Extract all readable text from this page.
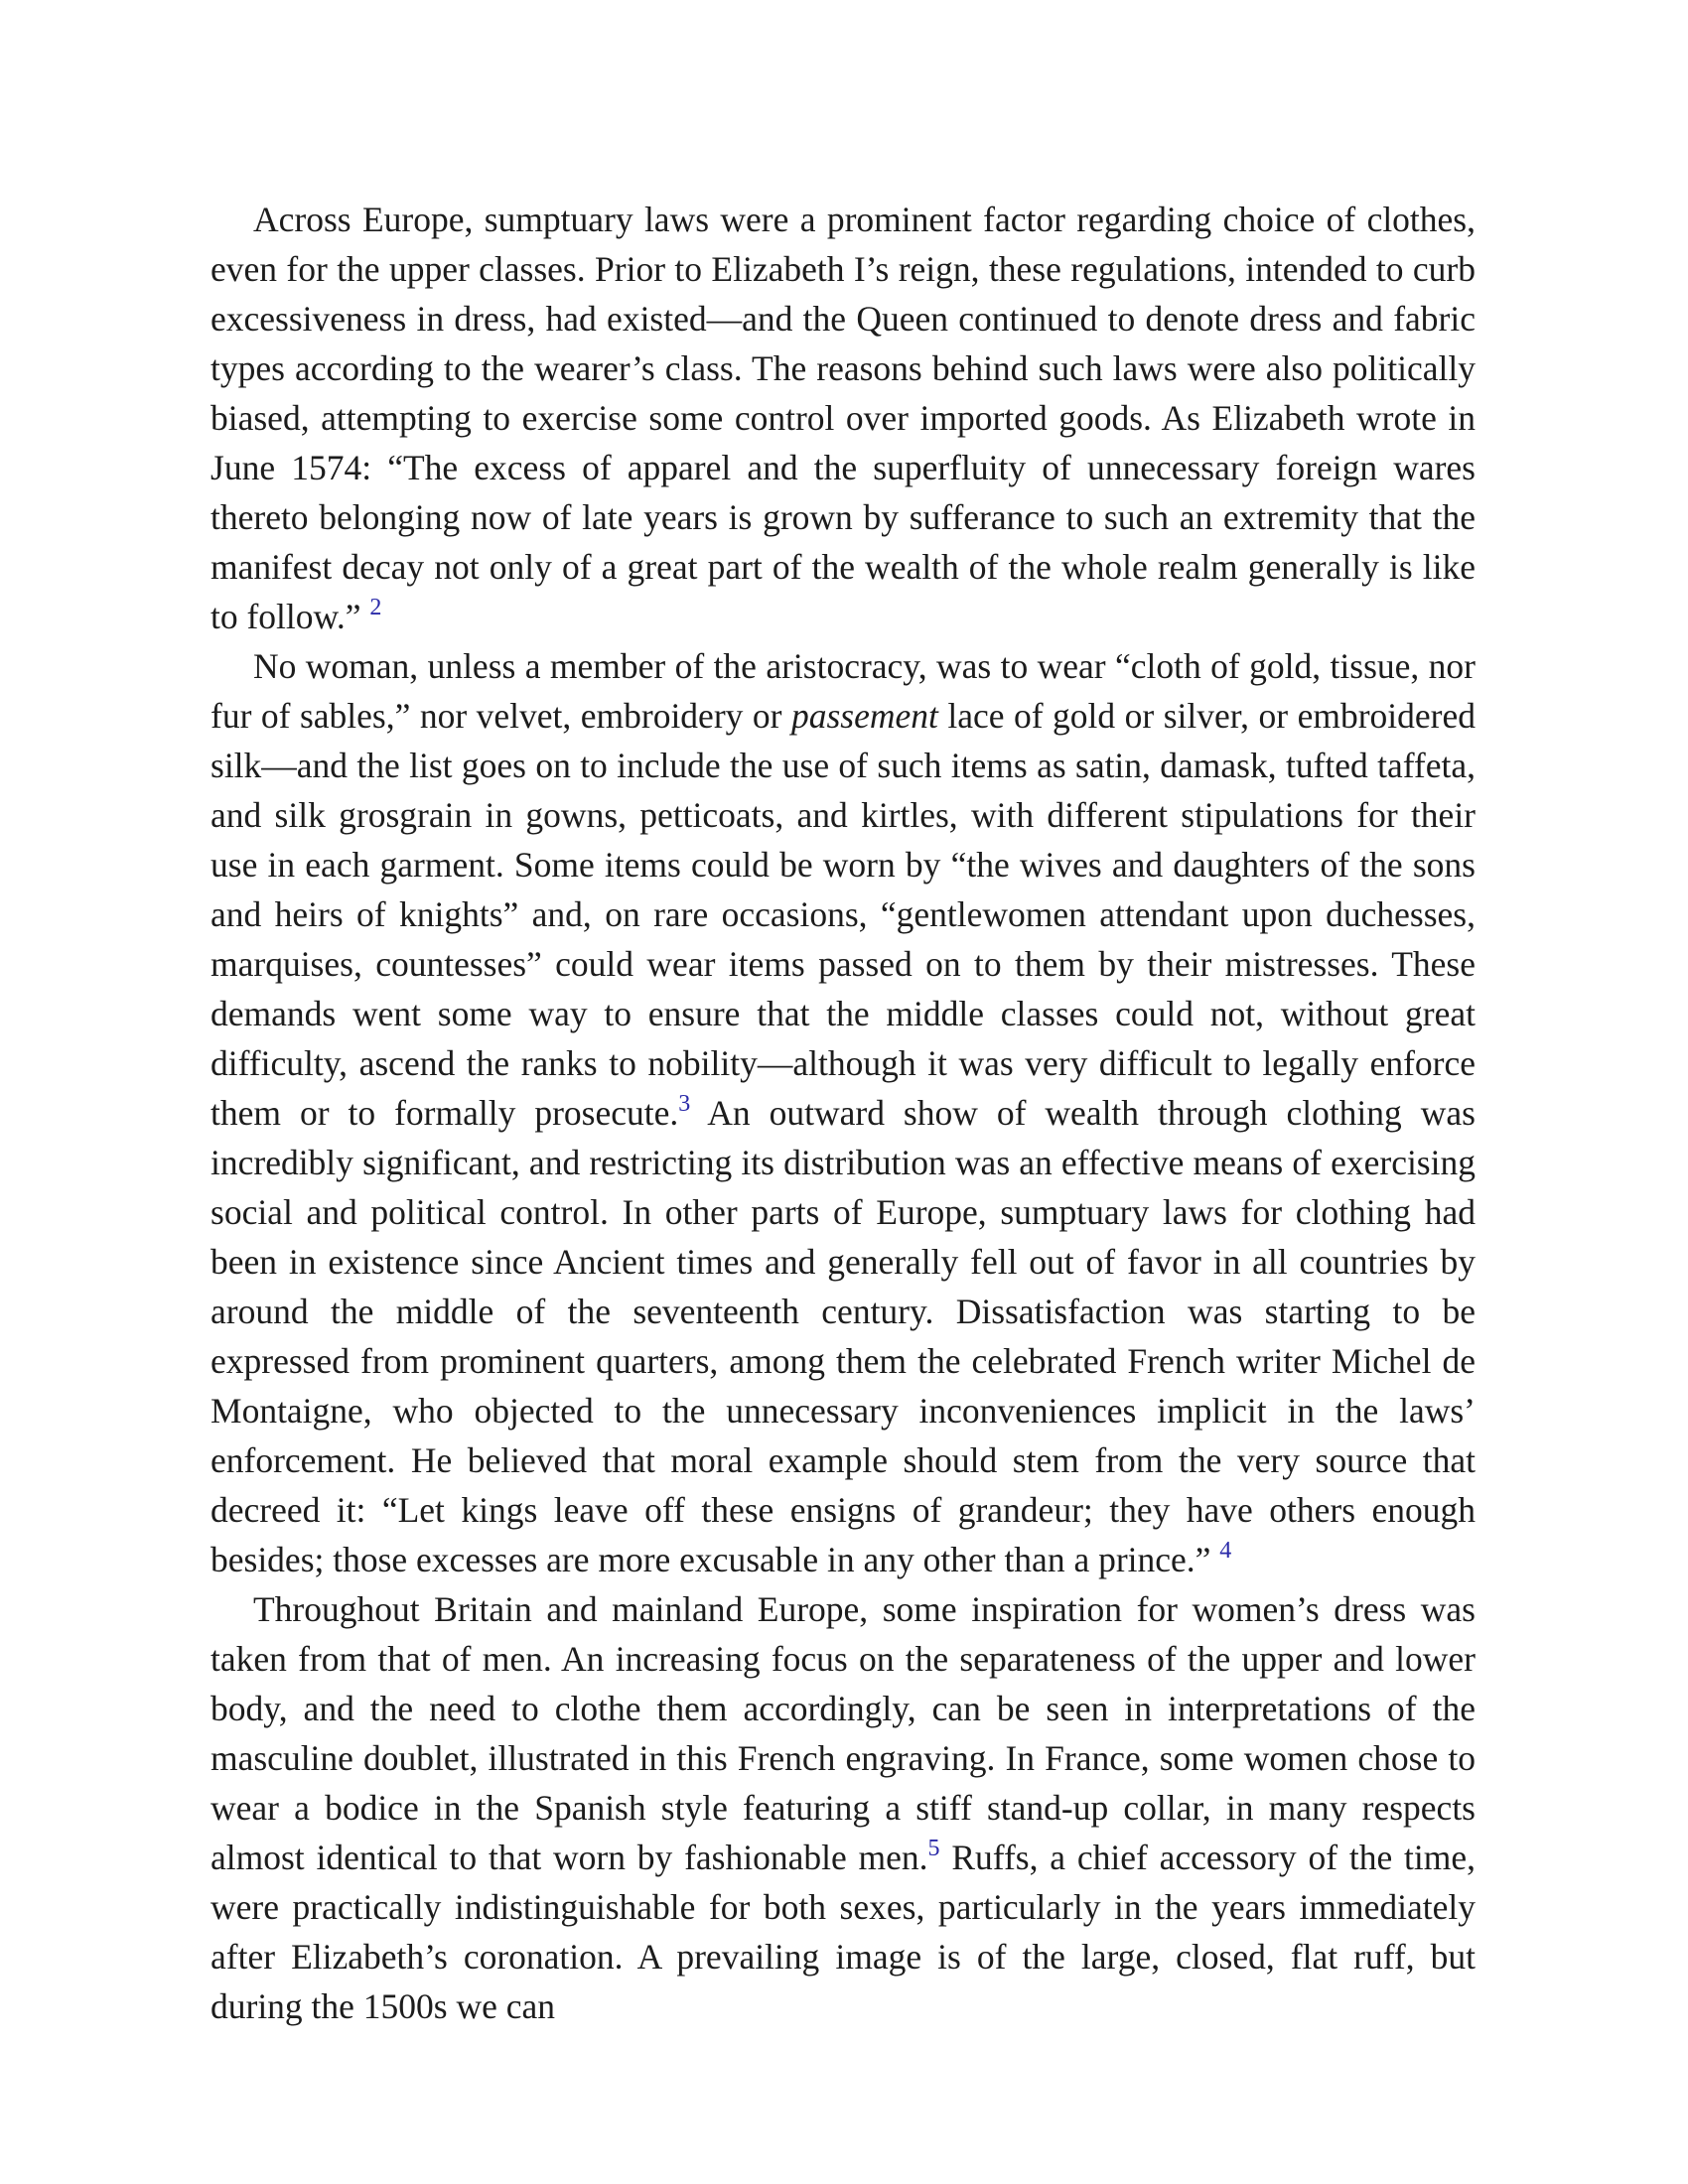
Across Europe, sumptuary laws were a prominent factor regarding choice of clothes, even for the upper classes. Prior to Elizabeth I’s reign, these regulations, intended to curb excessiveness in dress, had existed—and the Queen continued to denote dress and fabric types according to the wearer’s class. The reasons behind such laws were also politically biased, attempting to exercise some control over imported goods. As Elizabeth wrote in June 1574: “The excess of apparel and the superfluity of unnecessary foreign wares thereto belonging now of late years is grown by sufferance to such an extremity that the manifest decay not only of a great part of the wealth of the whole realm generally is like to follow.” $^2$

No woman, unless a member of the aristocracy, was to wear “cloth of gold, tissue, nor fur of sables,” nor velvet, embroidery or passement lace of gold or silver, or embroidered silk—and the list goes on to include the use of such items as satin, damask, tufted taffeta, and silk grosgrain in gowns, petticoats, and kirtles, with different stipulations for their use in each garment. Some items could be worn by “the wives and daughters of the sons and heirs of knights” and, on rare occasions, “gentlewomen attendant upon duchesses, marquises, countesses” could wear items passed on to them by their mistresses. These demands went some way to ensure that the middle classes could not, without great difficulty, ascend the ranks to nobility—although it was very difficult to legally enforce them or to formally prosecute.$^3$ An outward show of wealth through clothing was incredibly significant, and restricting its distribution was an effective means of exercising social and political control. In other parts of Europe, sumptuary laws for clothing had been in existence since Ancient times and generally fell out of favor in all countries by around the middle of the seventeenth century. Dissatisfaction was starting to be expressed from prominent quarters, among them the celebrated French writer Michel de Montaigne, who objected to the unnecessary inconveniences implicit in the laws’ enforcement. He believed that moral example should stem from the very source that decreed it: “Let kings leave off these ensigns of grandeur; they have others enough besides; those excesses are more excusable in any other than a prince.” $^4$

Throughout Britain and mainland Europe, some inspiration for women’s dress was taken from that of men. An increasing focus on the separateness of the upper and lower body, and the need to clothe them accordingly, can be seen in interpretations of the masculine doublet, illustrated in this French engraving. In France, some women chose to wear a bodice in the Spanish style featuring a stiff stand-up collar, in many respects almost identical to that worn by fashionable men.$^5$ Ruffs, a chief accessory of the time, were practically indistinguishable for both sexes, particularly in the years immediately after Elizabeth’s coronation. A prevailing image is of the large, closed, flat ruff, but during the 1500s we can
